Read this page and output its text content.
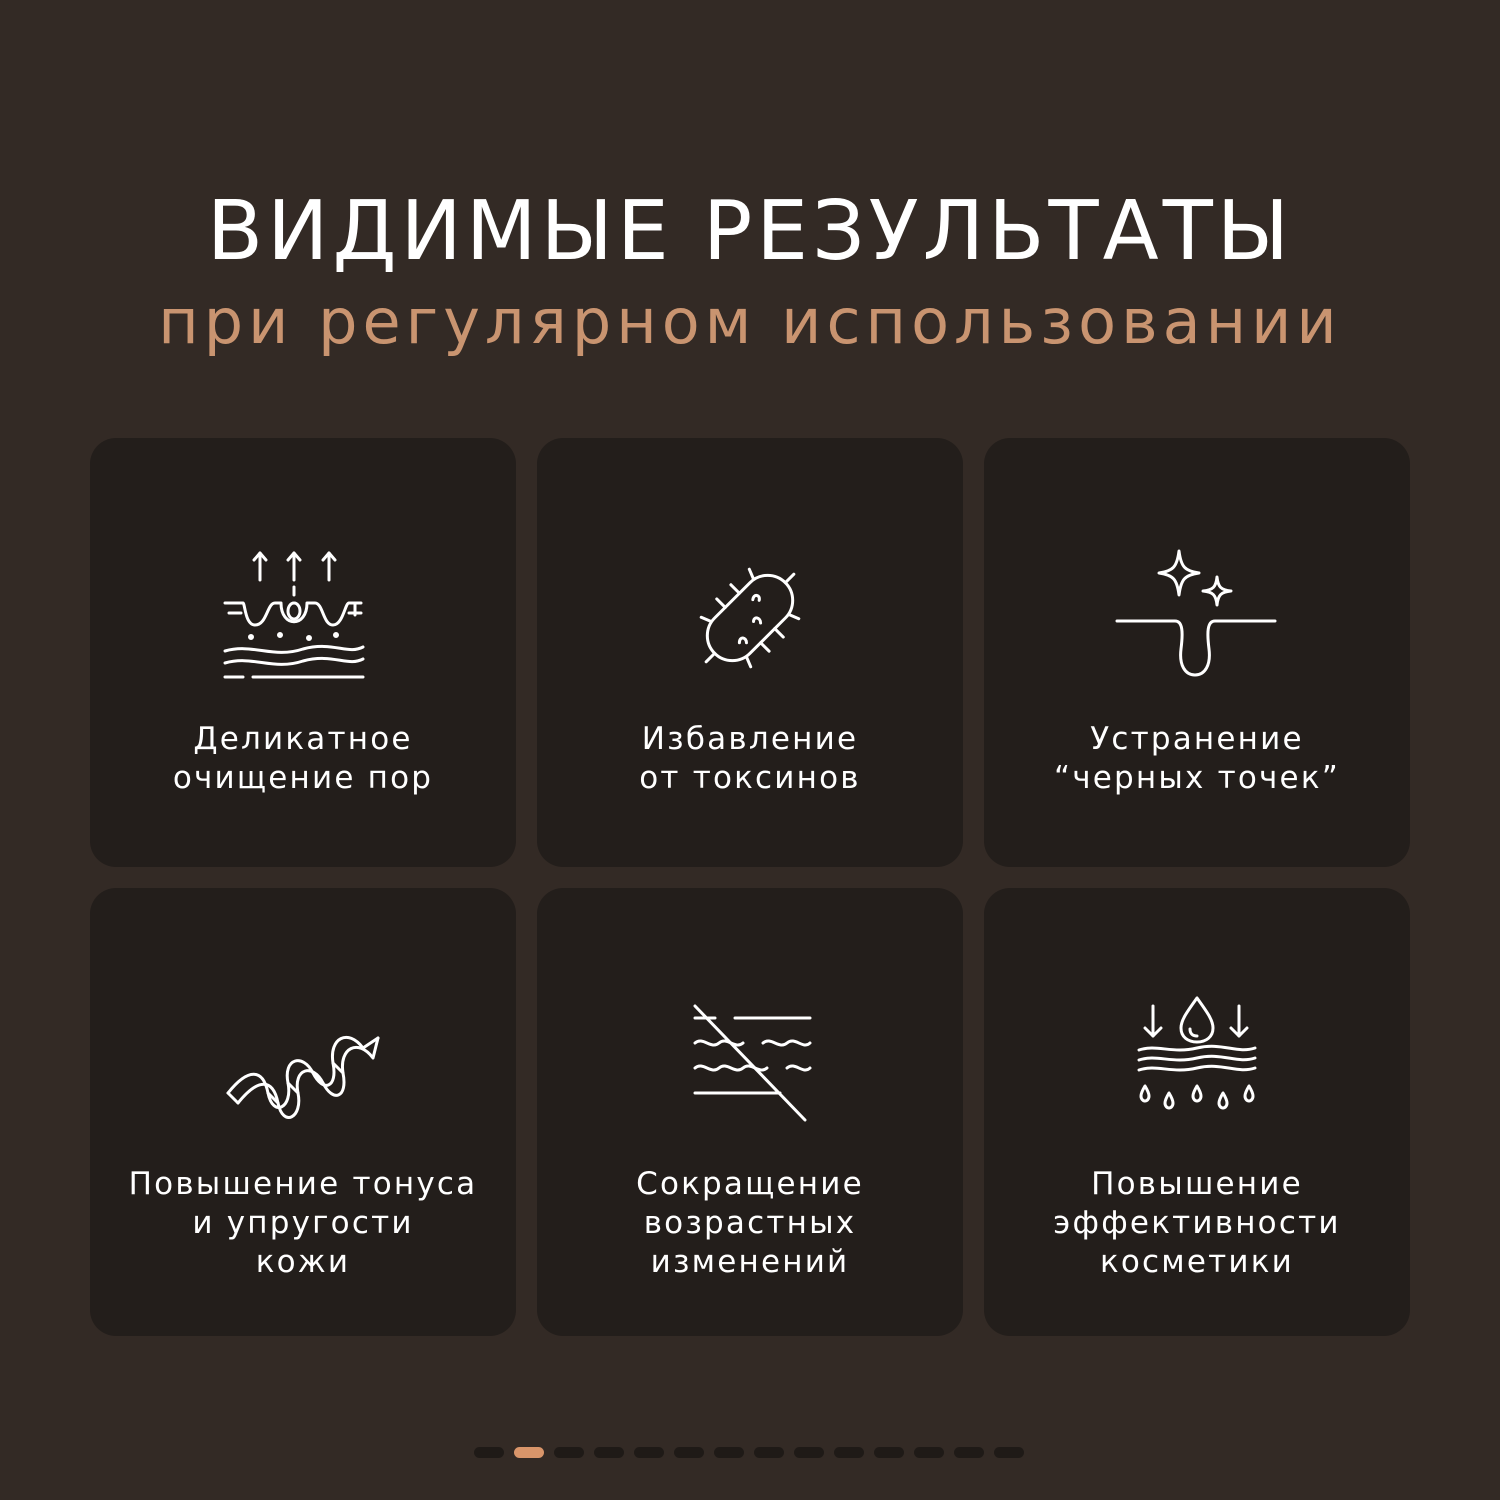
ВИДИМЫЕ РЕЗУЛЬТАТЫ
при регулярном использовании
Деликатное
очищение пор
Избавление
от токсинов
Устранение
“черных точек”
Повышение тонуса
и упругости
кожи
Сокращение
возрастных
изменений
Повышение
эффективности
косметики
